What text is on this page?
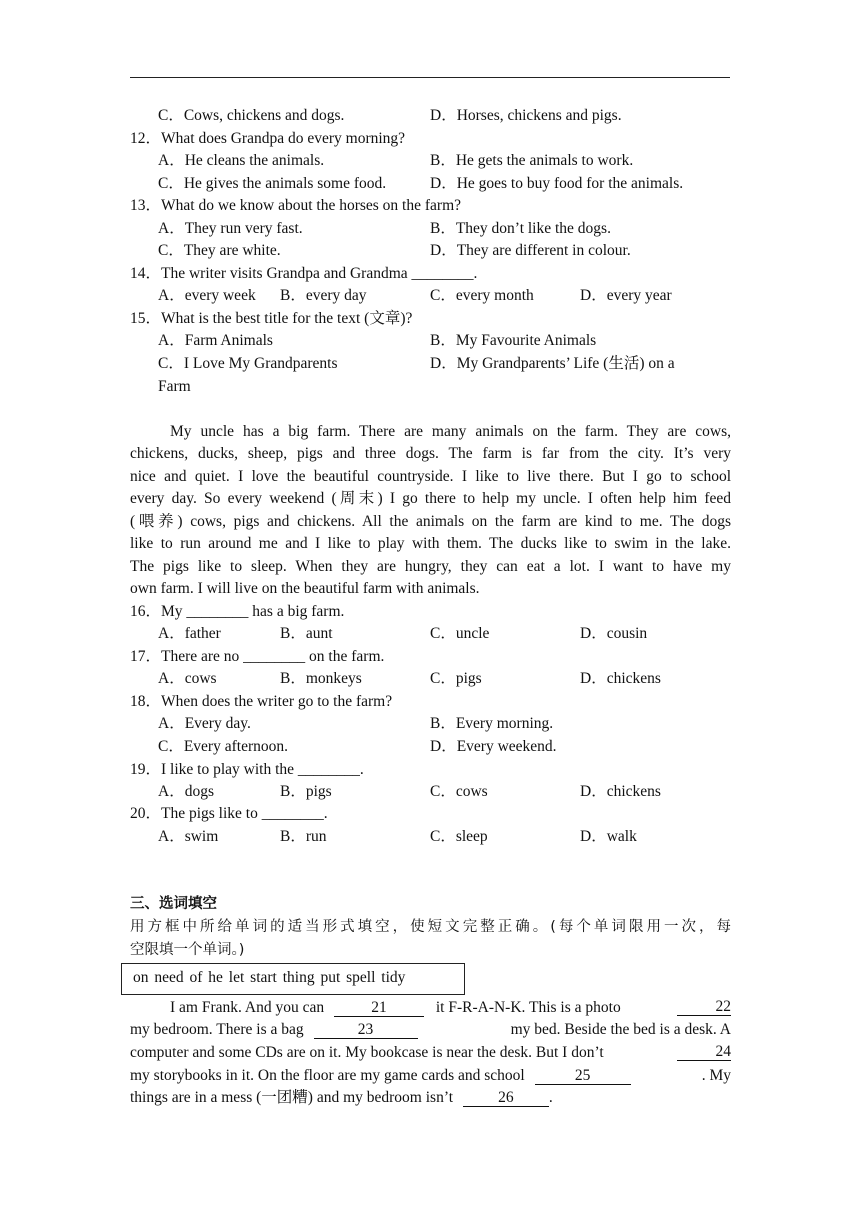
C．Cows, chickens and dogs.	D．Horses, chickens and pigs.
12．What does Grandpa do every morning?
A．He cleans the animals.	B．He gets the animals to work.
C．He gives the animals some food.	D．He goes to buy food for the animals.
13．What do we know about the horses on the farm?
A．They run very fast.	B．They don’t like the dogs.
C．They are white.	D．They are different in colour.
14．The writer visits Grandpa and Grandma ________.
A．every week B．every day	C．every month	D．every year
15．What is the best title for the text (文章)?
A．Farm Animals	B．My Favourite Animals
C．I Love My Grandparents	D．My Grandparents’ Life (生活) on a
Farm
My uncle has a big farm. There are many animals on the farm. They are cows,
chickens, ducks, sheep, pigs and three dogs. The farm is far from the city. It’s very
nice and quiet. I love the beautiful countryside. I like to live there. But I go to school
every day. So every weekend (周末) I go there to help my uncle. I often help him feed
(喂养) cows, pigs and chickens. All the animals on the farm are kind to me. The dogs
like to run around me and I like to play with them. The ducks like to swim in the lake.
The pigs like to sleep. When they are hungry, they can eat a lot. I want to have my
own farm. I will live on the beautiful farm with animals.
16．My ________ has a big farm.
A．father	B．aunt	C．uncle	D．cousin
17．There are no ________ on the farm.
A．cows	B．monkeys	C．pigs	D．chickens
18．When does the writer go to the farm?
A．Every day.	B．Every morning.
C．Every afternoon.	D．Every weekend.
19．I like to play with the ________.
A．dogs	B．pigs	C．cows	D．chickens
20．The pigs like to ________.
A．swim	B．run	C．sleep	D．walk
三、选词填空
用方框中所给单词的适当形式填空，使短文完整正确。(每个单词限用一次，每
空限填一个单词。)
on need of he let start thing put spell tidy
I am Frank. And you can	21	it F-R-A-N-K. This is a photo	22
my bedroom. There is a bag	23	my bed. Beside the bed is a desk. A
computer and some CDs are on it. My bookcase is near the desk. But I don’t	24
my storybooks in it. On the floor are my game cards and school	25	. My
things are in a mess (一团糟) and my bedroom isn’t	26 .
